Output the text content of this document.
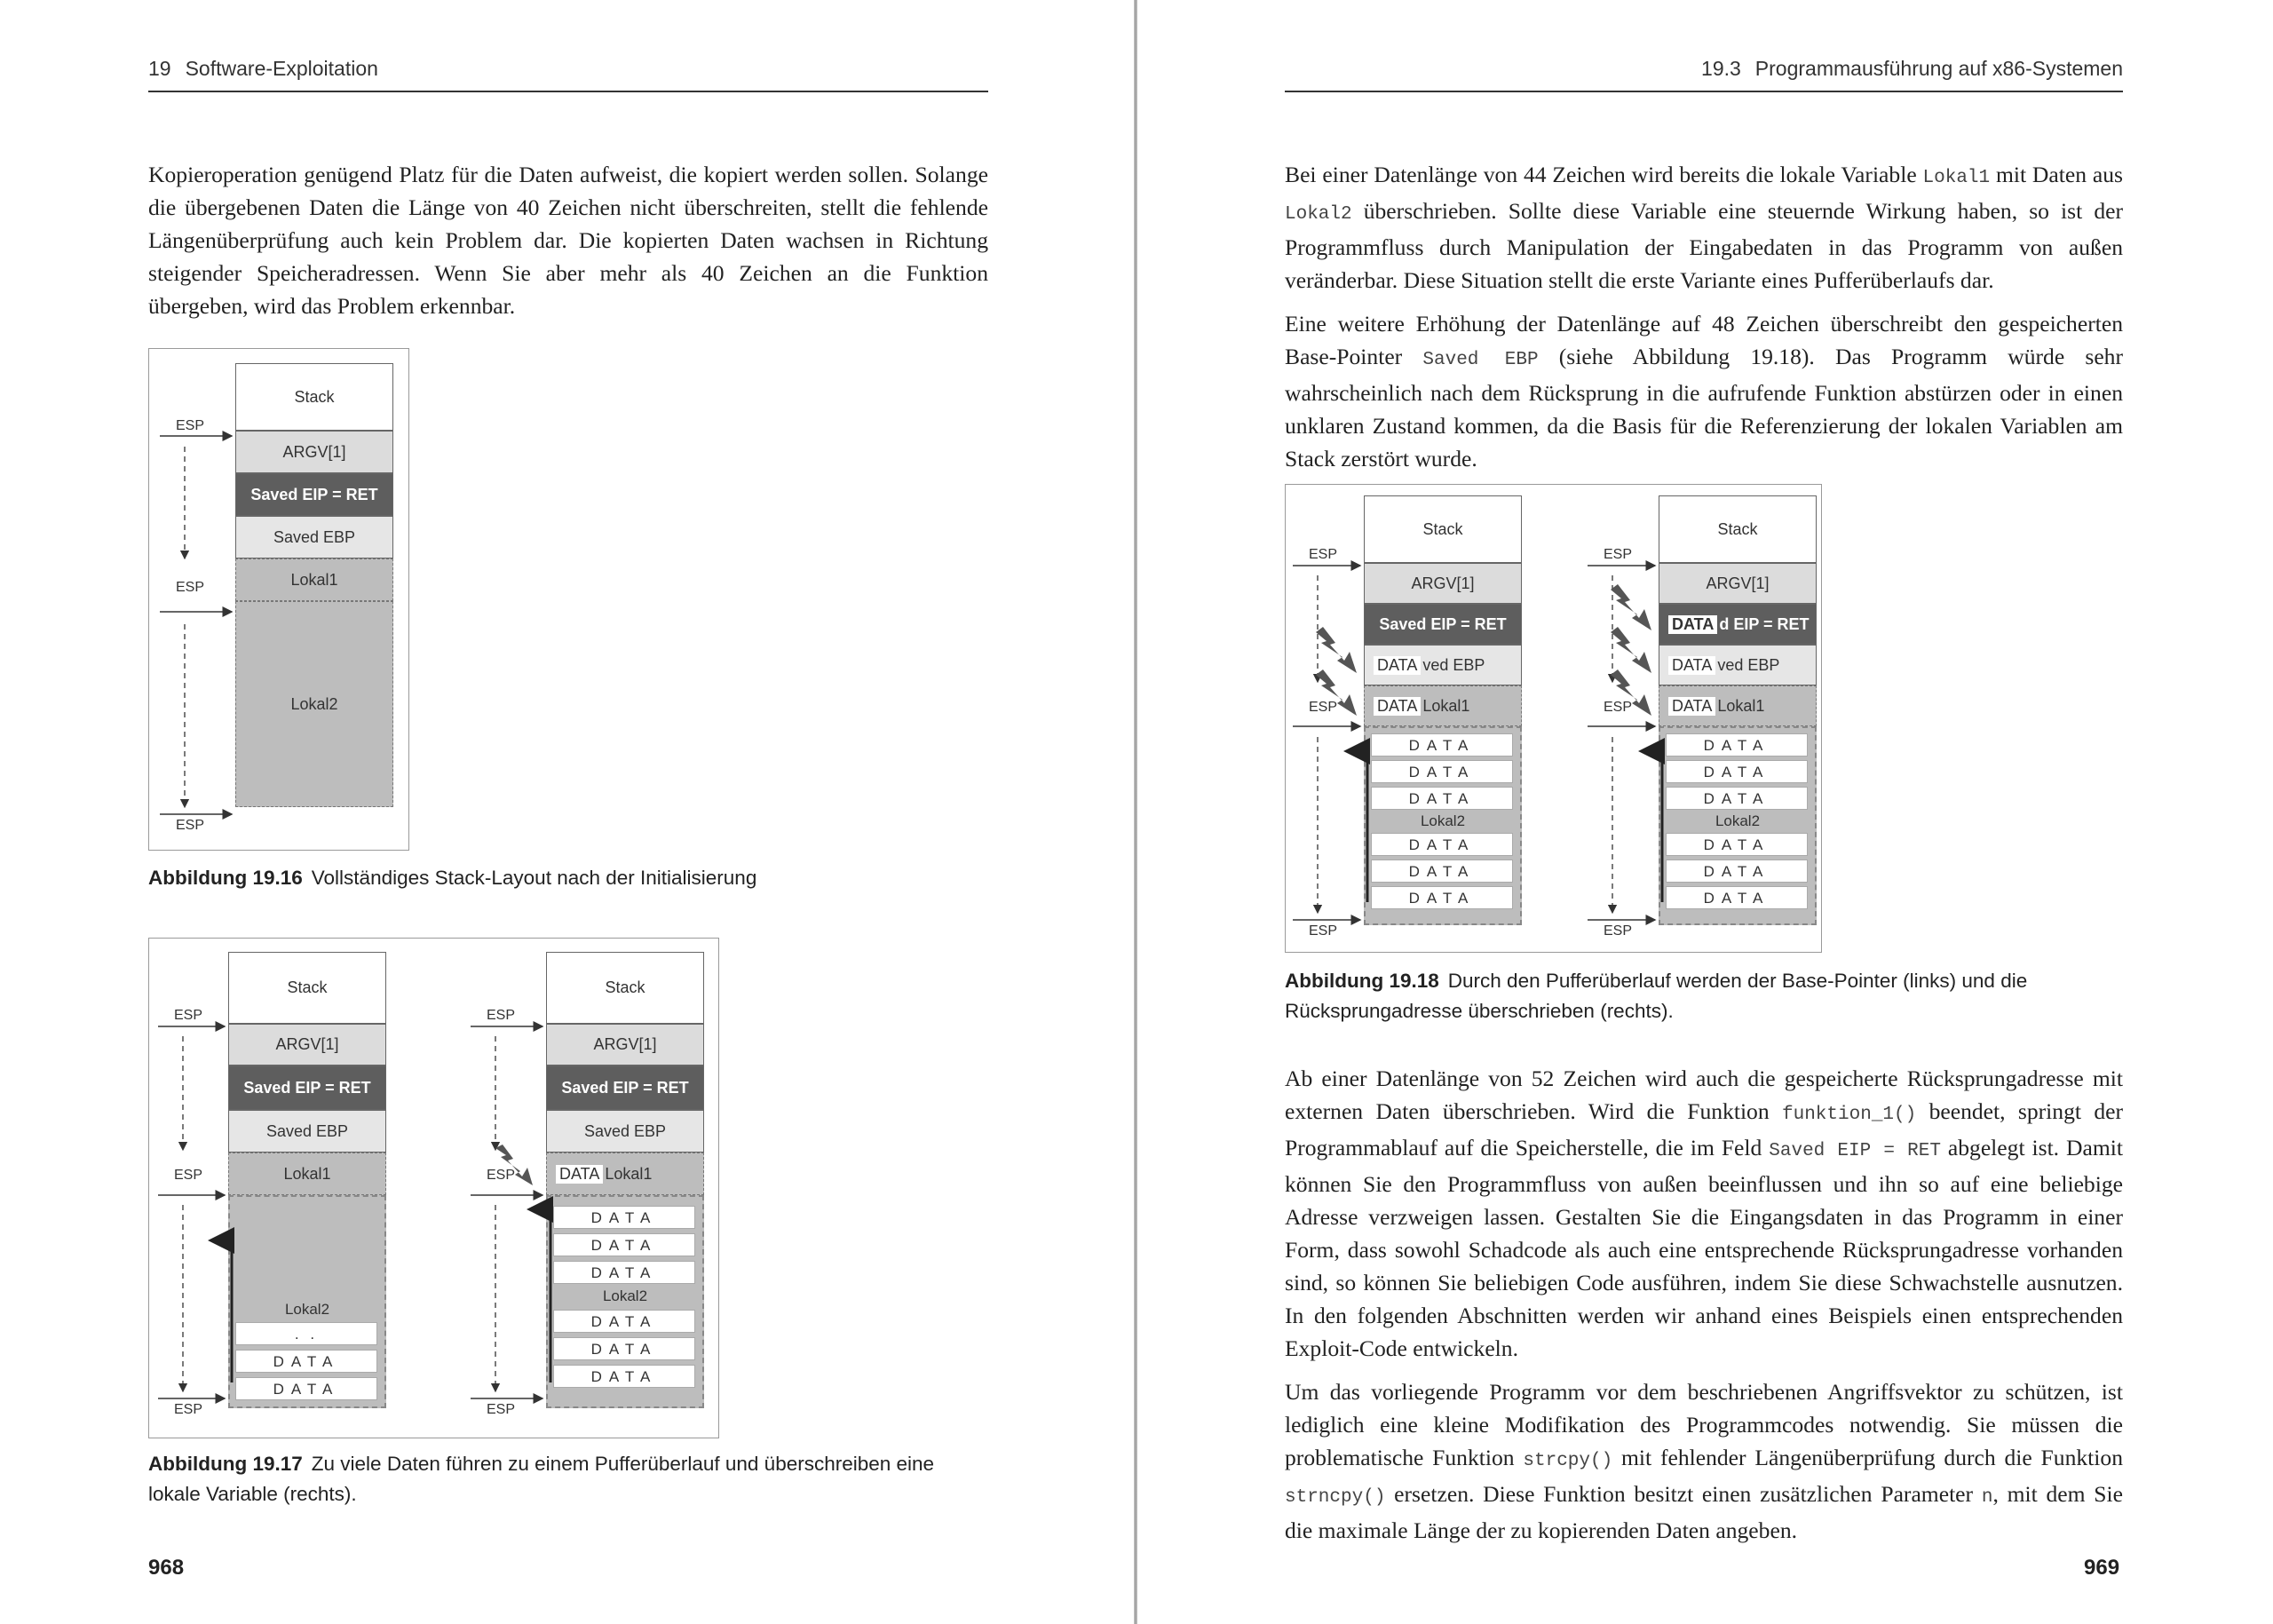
19 Software-Exploitation

Kopieroperation genügend Platz für die Daten aufweist, die kopiert werden sollen. Solange die übergebenen Daten die Länge von 40 Zeichen nicht überschreiten, stellt die fehlende Längenüberprüfung auch kein Problem dar. Die kopierten Daten wachsen in Richtung steigender Speicheradressen. Wenn Sie aber mehr als 40 Zeichen an die Funktion übergeben, wird das Problem erkennbar.

Stack
ARGV[1]
Saved EIP = RET
Saved EBP
Lokal1
Lokal2
ESP
ESP
ESP
Abbildung 19.16 Vollständiges Stack-Layout nach der Initialisierung
Stack
ARGV[1]
Saved EIP = RET
Saved EBP
Lokal1
Lokal2
. .
DATA
DATA
Stack
ARGV[1]
Saved EIP = RET
Saved EBP
DATA Lokal1
DATA
DATA
DATA
Lokal2
DATA
DATA
DATA
ESP
ESP
ESP
ESP
ESP
ESP
Abbildung 19.17 Zu viele Daten führen zu einem Pufferüberlauf und überschreiben eine lokale Variable (rechts).
968
19.3 Programmausführung auf x86-Systemen

Bei einer Datenlänge von 44 Zeichen wird bereits die lokale Variable Lokal1 mit Daten aus Lokal2 überschrieben. Sollte diese Variable eine steuernde Wirkung haben, so ist der Programmfluss durch Manipulation der Eingabedaten in das Programm von außen veränderbar. Diese Situation stellt die erste Variante eines Pufferüberlaufs dar.

Eine weitere Erhöhung der Datenlänge auf 48 Zeichen überschreibt den gespeicherten Base-Pointer Saved EBP (siehe Abbildung 19.18). Das Programm würde sehr wahrscheinlich nach dem Rücksprung in die aufrufende Funktion abstürzen oder in einen unklaren Zustand kommen, da die Basis für die Referenzierung der lokalen Variablen am Stack zerstört wurde.

Stack
ARGV[1]
Saved EIP = RET
DATA ved EBP
DATA Lokal1
DATA
DATA
DATA
Lokal2
DATA
DATA
DATA
Stack
ARGV[1]
DATA d EIP = RET
DATA ved EBP
DATA Lokal1
DATA
DATA
DATA
Lokal2
DATA
DATA
DATA
ESP
ESP
ESP
ESP
ESP
ESP
Abbildung 19.18 Durch den Pufferüberlauf werden der Base-Pointer (links) und die Rücksprungadresse überschrieben (rechts).

Ab einer Datenlänge von 52 Zeichen wird auch die gespeicherte Rücksprungadresse mit externen Daten überschrieben. Wird die Funktion funktion_1() beendet, springt der Programmablauf auf die Speicherstelle, die im Feld Saved EIP = RET abgelegt ist. Damit können Sie den Programmfluss von außen beeinflussen und ihn so auf eine beliebige Adresse verzweigen lassen. Gestalten Sie die Eingangsdaten in das Programm in einer Form, dass sowohl Schadcode als auch eine entsprechende Rücksprungadresse vorhanden sind, so können Sie beliebigen Code ausführen, indem Sie diese Schwachstelle ausnutzen. In den folgenden Abschnitten werden wir anhand eines Beispiels einen entsprechenden Exploit-Code entwickeln.

Um das vorliegende Programm vor dem beschriebenen Angriffsvektor zu schützen, ist lediglich eine kleine Modifikation des Programmcodes notwendig. Sie müssen die problematische Funktion strcpy() mit fehlender Längenüberprüfung durch die Funktion strncpy() ersetzen. Diese Funktion besitzt einen zusätzlichen Parameter n, mit dem Sie die maximale Länge der zu kopierenden Daten angeben.

969
